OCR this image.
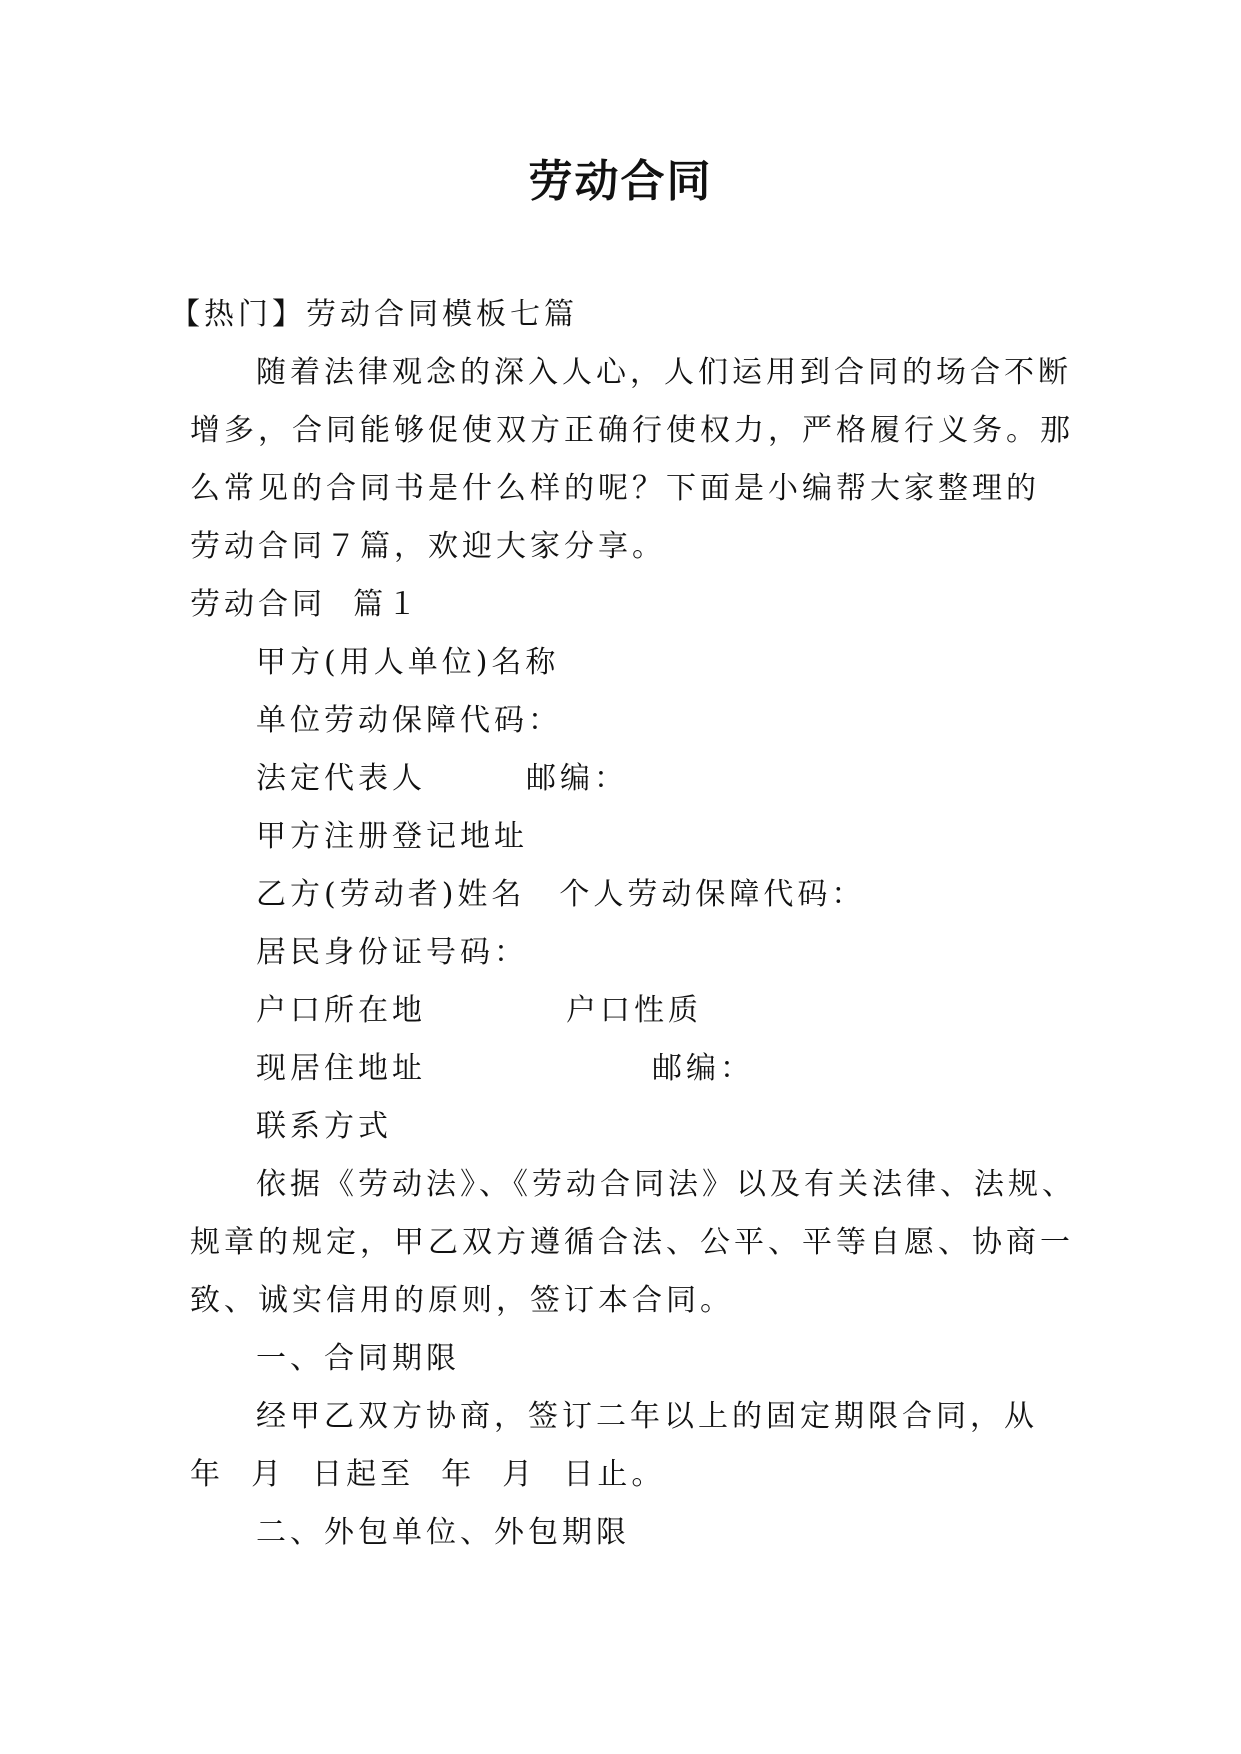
劳动合同
【热门】劳动合同模板七篇
随着法律观念的深入人心，人们运用到合同的场合不断
增多，合同能够促使双方正确行使权力，严格履行义务。那
么常见的合同书是什么样的呢？下面是小编帮大家整理的
劳动合同７篇，欢迎大家分享。
劳动合同  篇１
甲方(用人单位)名称
单位劳动保障代码：
法定代表人	邮编：
甲方注册登记地址
乙方(劳动者)姓名 个人劳动保障代码：
居民身份证号码：
户口所在地	户口性质
现居住地址	邮编：
联系方式
依据《劳动法》、《劳动合同法》以及有关法律、法规、
规章的规定，甲乙双方遵循合法、公平、平等自愿、协商一
致、诚实信用的原则，签订本合同。
一、合同期限
经甲乙双方协商，签订二年以上的固定期限合同，从
年  月  日起至  年  月  日止。
二、外包单位、外包期限
